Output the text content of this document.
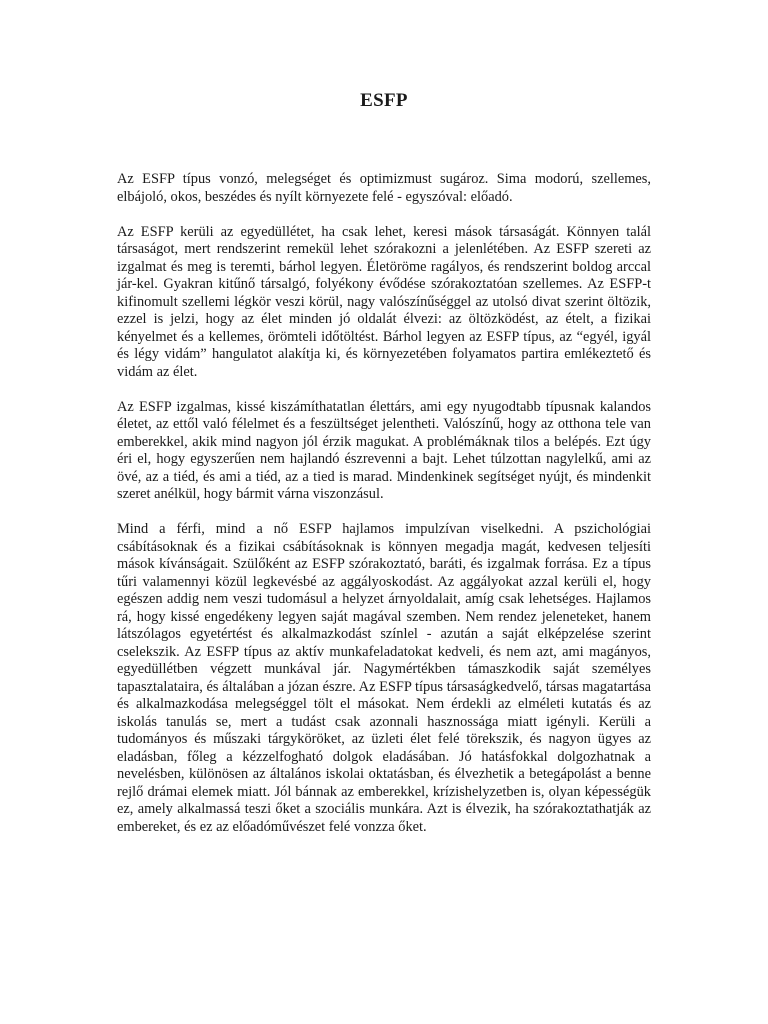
ESFP

Az ESFP típus vonzó, melegséget és optimizmust sugároz. Sima modorú, szellemes, elbájoló, okos, beszédes és nyílt környezete felé - egyszóval: előadó.

Az ESFP kerüli az egyedüllétet, ha csak lehet, keresi mások társaságát. Könnyen talál társaságot, mert rendszerint remekül lehet szórakozni a jelenlétében. Az ESFP szereti az izgalmat és meg is teremti, bárhol legyen. Életöröme ragályos, és rendszerint boldog arccal jár-kel. Gyakran kitűnő társalgó, folyékony évődése szórakoztatóan szellemes. Az ESFP-t kifinomult szellemi légkör veszi körül, nagy valószínűséggel az utolsó divat szerint öltözik, ezzel is jelzi, hogy az élet minden jó oldalát élvezi: az öltözködést, az ételt, a fizikai kényelmet és a kellemes, örömteli időtöltést. Bárhol legyen az ESFP típus, az “egyél, igyál és légy vidám” hangulatot alakítja ki, és környezetében folyamatos partira emlékeztető és vidám az élet.

Az ESFP izgalmas, kissé kiszámíthatatlan élettárs, ami egy nyugodtabb típusnak kalandos életet, az ettől való félelmet és a feszültséget jelentheti. Valószínű, hogy az otthona tele van emberekkel, akik mind nagyon jól érzik magukat. A problémáknak tilos a belépés. Ezt úgy éri el, hogy egyszerűen nem hajlandó észrevenni a bajt. Lehet túlzottan nagylelkű, ami az övé, az a tiéd, és ami a tiéd, az a tied is marad. Mindenkinek segítséget nyújt, és mindenkit szeret anélkül, hogy bármit várna viszonzásul.

Mind a férfi, mind a nő ESFP hajlamos impulzívan viselkedni. A pszichológiai csábításoknak és a fizikai csábításoknak is könnyen megadja magát, kedvesen teljesíti mások kívánságait. Szülőként az ESFP szórakoztató, baráti, és izgalmak forrása. Ez a típus tűri valamennyi közül legkevésbé az aggályoskodást. Az aggályokat azzal kerüli el, hogy egészen addig nem veszi tudomásul a helyzet árnyoldalait, amíg csak lehetséges. Hajlamos rá, hogy kissé engedékeny legyen saját magával szemben. Nem rendez jeleneteket, hanem látszólagos egyetértést és alkalmazkodást színlel - azután a saját elképzelése szerint cselekszik. Az ESFP típus az aktív munkafeladatokat kedveli, és nem azt, ami magányos, egyedüllétben végzett munkával jár. Nagymértékben támaszkodik saját személyes tapasztalataira, és általában a józan észre. Az ESFP típus társaságkedvelő, társas magatartása és alkalmazkodása melegséggel tölt el másokat. Nem érdekli az elméleti kutatás és az iskolás tanulás se, mert a tudást csak azonnali hasznossága miatt igényli. Kerüli a tudományos és műszaki tárgyköröket, az üzleti élet felé törekszik, és nagyon ügyes az eladásban, főleg a kézzelfogható dolgok eladásában. Jó hatásfokkal dolgozhatnak a nevelésben, különösen az általános iskolai oktatásban, és élvezhetik a betegápolást a benne rejlő drámai elemek miatt. Jól bánnak az emberekkel, krízishelyzetben is, olyan képességük ez, amely alkalmassá teszi őket a szociális munkára. Azt is élvezik, ha szórakoztathatják az embereket, és ez az előadóművészet felé vonzza őket.
